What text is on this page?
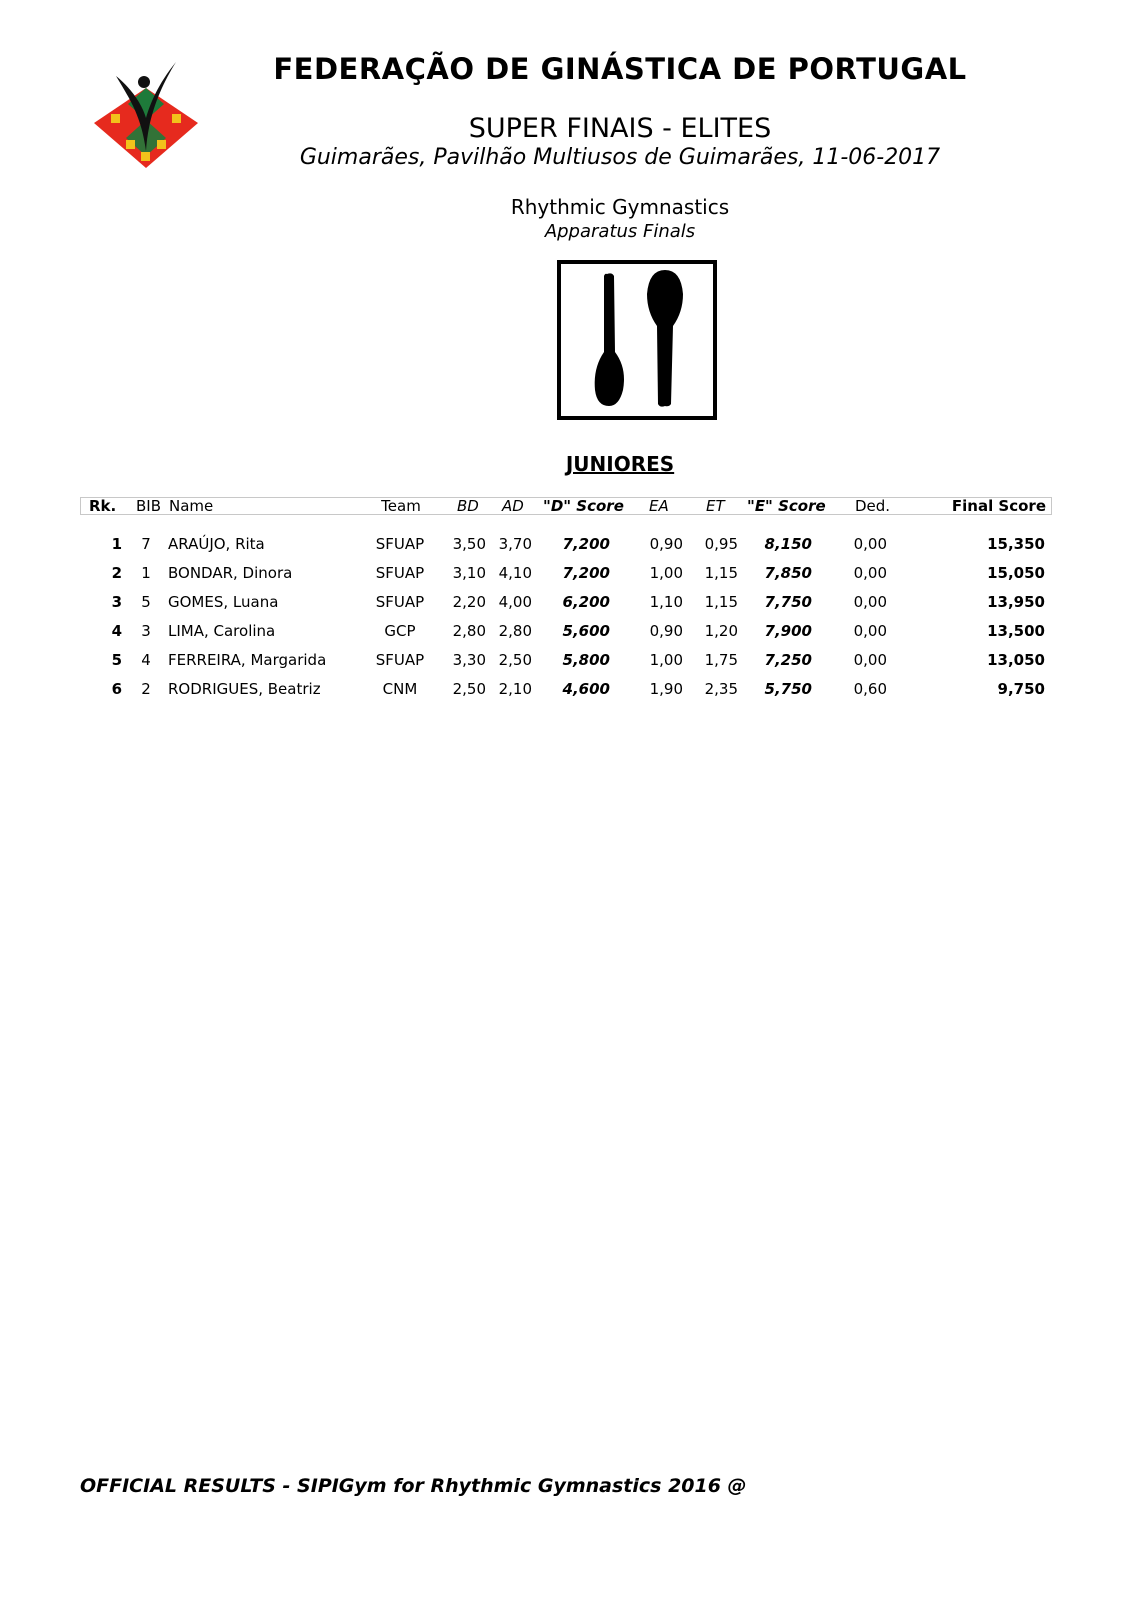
FEDERAÇÃO DE GINÁSTICA DE PORTUGAL
SUPER FINAIS - ELITES
Guimarães, Pavilhão Multiusos de Guimarães, 11-06-2017
Rhythmic Gymnastics
Apparatus Finals
JUNIORES
Rk. BIB Name	Team	BD AD "D" Score EA ET "E" Score Ded.	Final Score
1	7	ARAÚJO, Rita	SFUAP	3,50 3,70	7,200	0,90	0,95	8,150	0,00	15,350
2	1	BONDAR, Dinora	SFUAP	3,10 4,10	7,200	1,00	1,15	7,850	0,00	15,050
3	5	GOMES, Luana	SFUAP	2,20 4,00	6,200	1,10	1,15	7,750	0,00	13,950
4	3	LIMA, Carolina	GCP	2,80 2,80	5,600	0,90	1,20	7,900	0,00	13,500
5	4	FERREIRA, Margarida	SFUAP	3,30 2,50	5,800	1,00	1,75	7,250	0,00	13,050
6	2	RODRIGUES, Beatriz	CNM	2,50 2,10	4,600	1,90	2,35	5,750	0,60	9,750
OFFICIAL RESULTS - SIPIGym for Rhythmic Gymnastics 2016 @
